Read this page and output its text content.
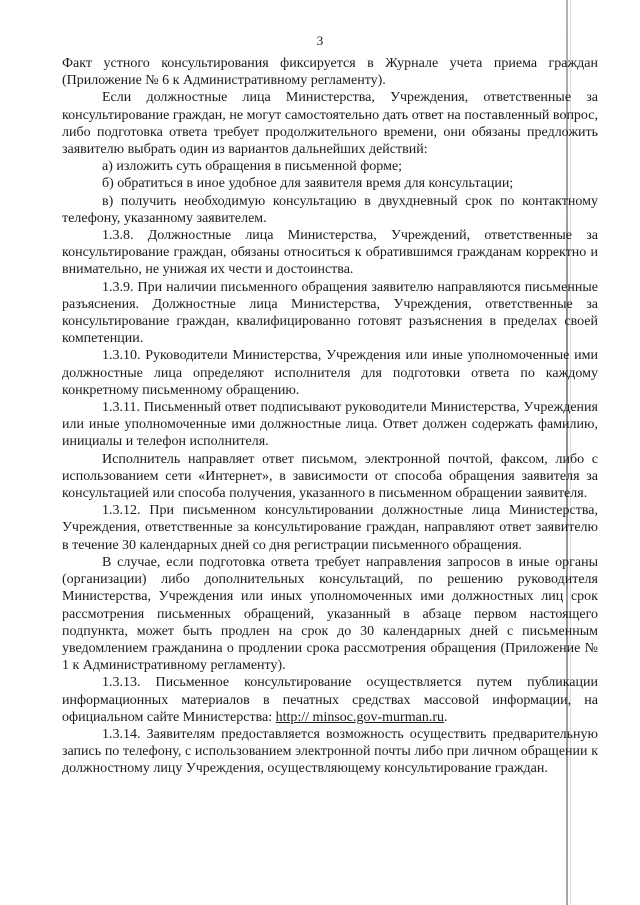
3

Факт устного консультирования фиксируется в Журнале учета приема граждан (Приложение № 6 к Административному регламенту).

Если должностные лица Министерства, Учреждения, ответственные за консультирование граждан, не могут самостоятельно дать ответ на поставленный вопрос, либо подготовка ответа требует продолжительного времени, они обязаны предложить заявителю выбрать один из вариантов дальнейших действий:

а) изложить суть обращения в письменной форме;

б) обратиться в иное удобное для заявителя время для консультации;

в) получить необходимую консультацию в двухдневный срок по контактному телефону, указанному заявителем.

1.3.8. Должностные лица Министерства, Учреждений, ответственные за консультирование граждан, обязаны относиться к обратившимся гражданам корректно и внимательно, не унижая их чести и достоинства.

1.3.9. При наличии письменного обращения заявителю направляются письменные разъяснения. Должностные лица Министерства, Учреждения, ответственные за консультирование граждан, квалифицированно готовят разъяснения в пределах своей компетенции.

1.3.10. Руководители Министерства, Учреждения или иные уполномоченные ими должностные лица определяют исполнителя для подготовки ответа по каждому конкретному письменному обращению.

1.3.11. Письменный ответ подписывают руководители Министерства, Учреждения или иные уполномоченные ими должностные лица. Ответ должен содержать фамилию, инициалы и телефон исполнителя.

Исполнитель направляет ответ письмом, электронной почтой, факсом, либо с использованием сети «Интернет», в зависимости от способа обращения заявителя за консультацией или способа получения, указанного в письменном обращении заявителя.

1.3.12. При письменном консультировании должностные лица Министерства, Учреждения, ответственные за консультирование граждан, направляют ответ заявителю в течение 30 календарных дней со дня регистрации письменного обращения.

В случае, если подготовка ответа требует направления запросов в иные органы (организации) либо дополнительных консультаций, по решению руководителя Министерства, Учреждения или иных уполномоченных ими должностных лиц срок рассмотрения письменных обращений, указанный в абзаце первом настоящего подпункта, может быть продлен на срок до 30 календарных дней с письменным уведомлением гражданина о продлении срока рассмотрения обращения (Приложение № 1 к Административному регламенту).

1.3.13. Письменное консультирование осуществляется путем публикации информационных материалов в печатных средствах массовой информации, на официальном сайте Министерства: http:// minsoc.gov-murman.ru.

1.3.14. Заявителям предоставляется возможность осуществить предварительную запись по телефону, с использованием электронной почты либо при личном обращении к должностному лицу Учреждения, осуществляющему консультирование граждан.
